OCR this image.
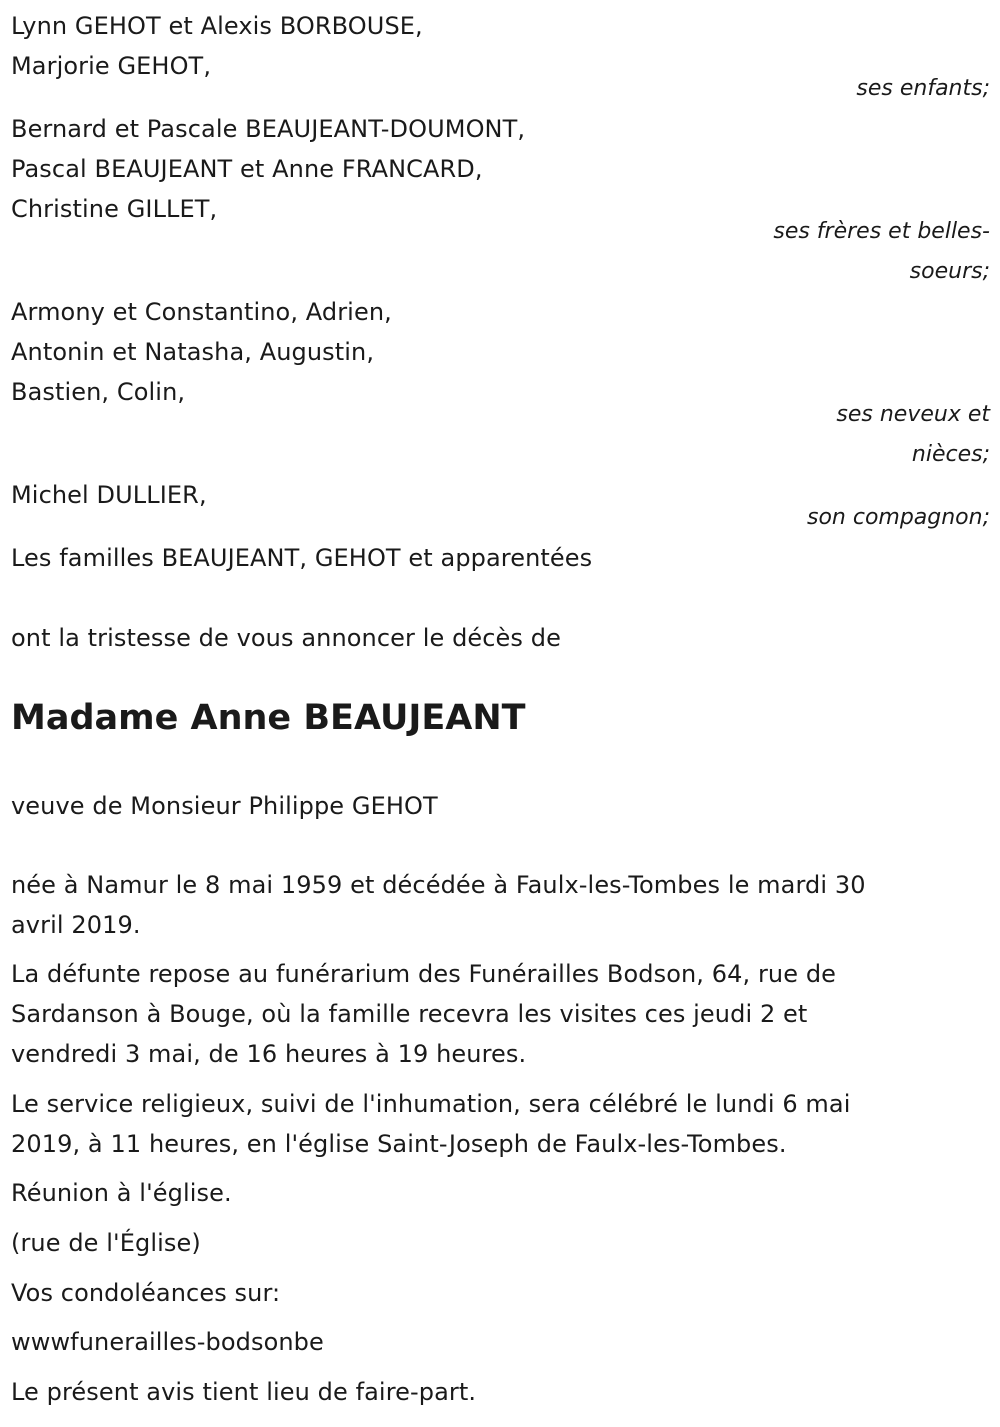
Lynn GEHOT et Alexis BORBOUSE,
Marjorie GEHOT,
ses enfants;
Bernard et Pascale BEAUJEANT-DOUMONT,
Pascal BEAUJEANT et Anne FRANCARD,
Christine GILLET,
ses frères et belles-
soeurs;
Armony et Constantino, Adrien,
Antonin et Natasha, Augustin,
Bastien, Colin,
ses neveux et
nièces;
Michel DULLIER,
son compagnon;
Les familles BEAUJEANT, GEHOT et apparentées
ont la tristesse de vous annoncer le décès de
Madame Anne BEAUJEANT
veuve de Monsieur Philippe GEHOT
née à Namur le 8 mai 1959 et décédée à Faulx-les-Tombes le mardi 30
avril 2019.
La défunte repose au funérarium des Funérailles Bodson, 64, rue de
Sardanson à Bouge, où la famille recevra les visites ces jeudi 2 et
vendredi 3 mai, de 16 heures à 19 heures.
Le service religieux, suivi de l'inhumation, sera célébré le lundi 6 mai
2019, à 11 heures, en l'église Saint-Joseph de Faulx-les-Tombes.
Réunion à l'église.
(rue de l'Église)
Vos condoléances sur:
wwwfunerailles-bodsonbe
Le présent avis tient lieu de faire-part.
